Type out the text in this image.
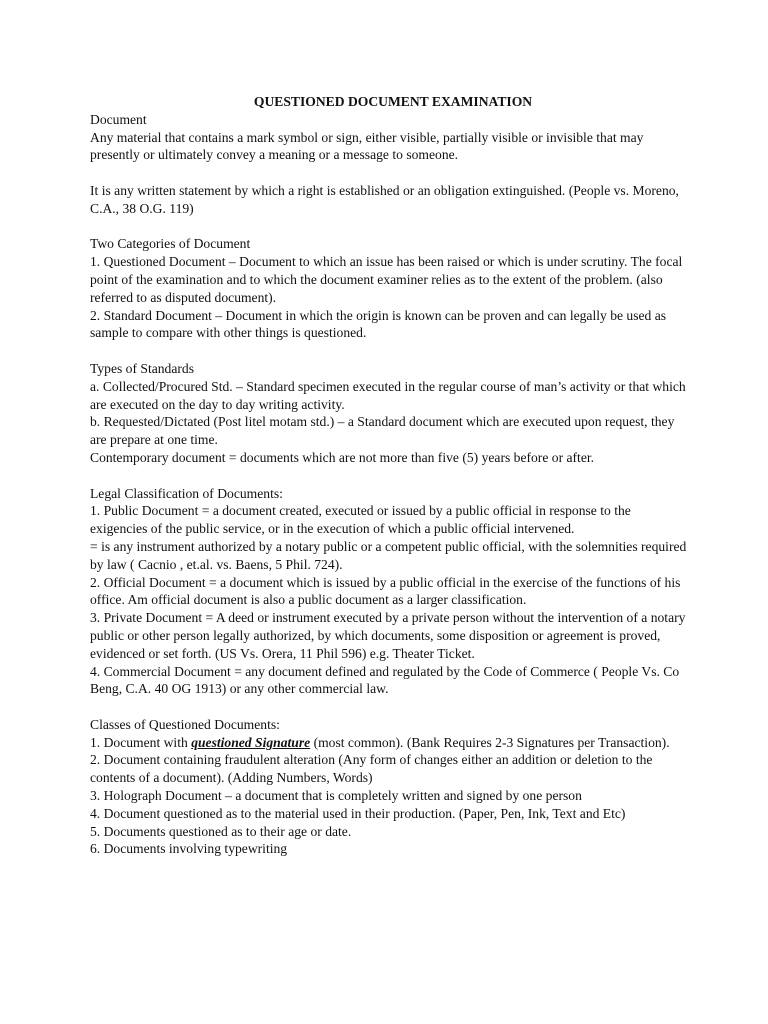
QUESTIONED DOCUMENT EXAMINATION

Document

Any material that contains a mark symbol or sign, either visible, partially visible or invisible that may presently or ultimately convey a meaning or a message to someone.

It is any written statement by which a right is established or an obligation extinguished. (People vs. Moreno, C.A., 38 O.G. 119)

Two Categories of Document

1. Questioned Document – Document to which an issue has been raised or which is under scrutiny. The focal point of the examination and to which the document examiner relies as to the extent of the problem. (also referred to as disputed document).

2. Standard Document – Document in which the origin is known can be proven and can legally be used as sample to compare with other things is questioned.

Types of Standards

a. Collected/Procured Std. – Standard specimen executed in the regular course of man’s activity or that which are executed on the day to day writing activity.

b. Requested/Dictated (Post litel motam std.) – a Standard document which are executed upon request, they are prepare at one time.

Contemporary document = documents which are not more than five (5) years before or after.

Legal Classification of Documents:

1. Public Document = a document created, executed or issued by a public official in response to the exigencies of the public service, or in the execution of which a public official intervened.

= is any instrument authorized by a notary public or a competent public official, with the solemnities required by law ( Cacnio , et.al. vs. Baens, 5 Phil. 724).

2. Official Document = a document which is issued by a public official in the exercise of the functions of his office. Am official document is also a public document as a larger classification.

3. Private Document = A deed or instrument executed by a private person without the intervention of a notary public or other person legally authorized, by which documents, some disposition or agreement is proved, evidenced or set forth. (US Vs. Orera, 11 Phil 596) e.g. Theater Ticket.

4. Commercial Document = any document defined and regulated by the Code of Commerce ( People Vs. Co Beng, C.A. 40 OG 1913) or any other commercial law.

Classes of Questioned Documents:

1. Document with questioned Signature (most common). (Bank Requires 2-3 Signatures per Transaction).

2. Document containing fraudulent alteration (Any form of changes either an addition or deletion to the contents of a document). (Adding Numbers, Words)

3. Holograph Document – a document that is completely written and signed by one person

4. Document questioned as to the material used in their production. (Paper, Pen, Ink, Text and Etc)

5. Documents questioned as to their age or date.

6. Documents involving typewriting
